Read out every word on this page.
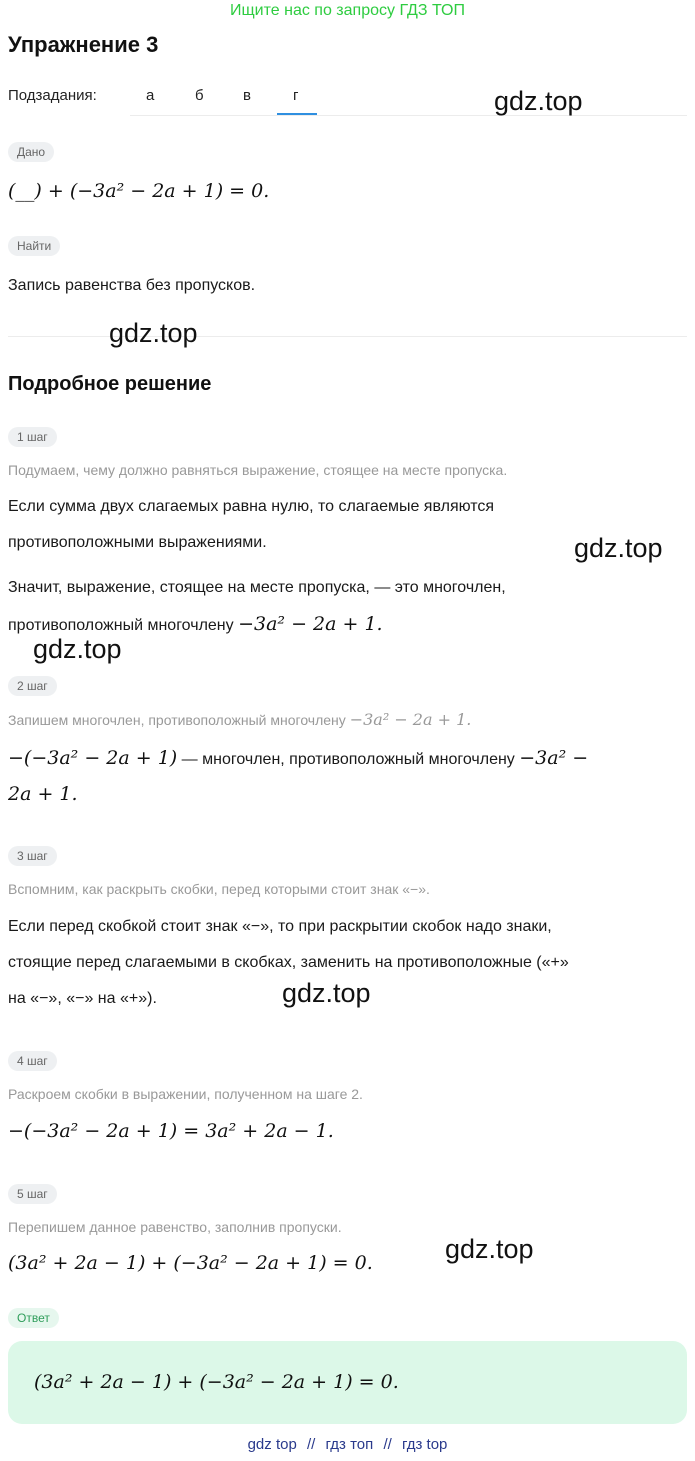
Ищите нас по запросу ГДЗ ТОП
Упражнение 3
Подзадания:	а	б	в	г	gdz.top
Дано
(__) + (−3a² − 2a + 1) = 0.
Найти
Запись равенства без пропусков.
gdz.top
Подробное решение
1 шаг
Подумаем, чему должно равняться выражение, стоящее на месте пропуска.
Если сумма двух слагаемых равна нулю, то слагаемые являются
противоположными выражениями.	gdz.top
Значит, выражение, стоящее на месте пропуска, — это многочлен,
противоположный многочлену −3a² − 2a + 1.
gdz.top
2 шаг
Запишем многочлен, противоположный многочлену −3a² − 2a + 1.
−(−3a² − 2a + 1) — многочлен, противоположный многочлену −3a² −
2a + 1.
3 шаг
Вспомним, как раскрыть скобки, перед которыми стоит знак «−».
Если перед скобкой стоит знак «−», то при раскрытии скобок надо знаки,
стоящие перед слагаемыми в скобках, заменить на противоположные («+»
на «−», «−» на «+»).	gdz.top
4 шаг
Раскроем скобки в выражении, полученном на шаге 2.
−(−3a² − 2a + 1) = 3a² + 2a − 1.
5 шаг
Перепишем данное равенство, заполнив пропуски.
(3a² + 2a − 1) + (−3a² − 2a + 1) = 0.	gdz.top
Ответ
(3a² + 2a − 1) + (−3a² − 2a + 1) = 0.
gdz top // гдз топ // гдз top
